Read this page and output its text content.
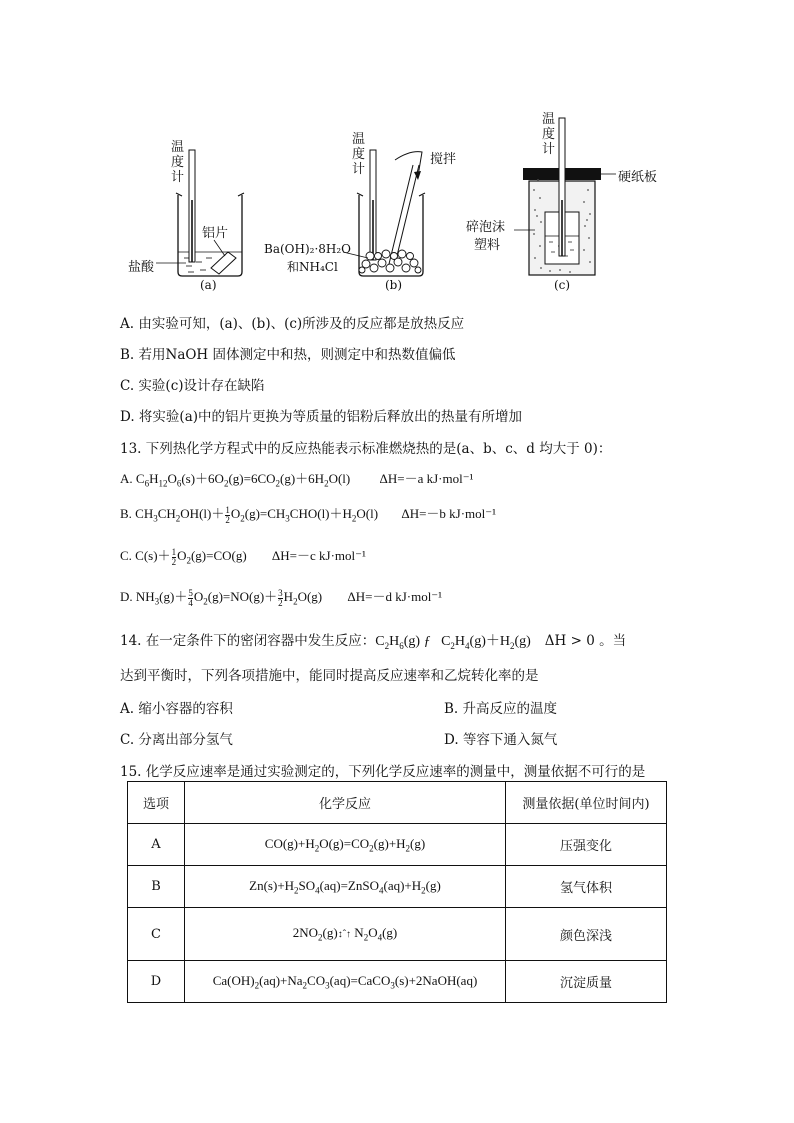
温度计
铝片
盐酸
(a)
温度计
搅拌
Ba(OH)₂·8H₂O
和NH₄Cl
(b)
温度计
硬纸板
碎泡沫
塑料
(c)
A. 由实验可知，(a)、(b)、(c)所涉及的反应都是放热反应
B. 若用NaOH 固体测定中和热，则测定中和热数值偏低
C. 实验(c)设计存在缺陷
D. 将实验(a)中的铝片更换为等质量的铝粉后释放出的热量有所增加
13. 下列热化学方程式中的反应热能表示标准燃烧热的是(a、b、c、d 均大于 0)：
A. $C_6H_{12}O_6(s)+6O_2(g)=6CO_2(g)+6H_2O(l)$ ΔH=－a kJ·mol⁻¹
B. $CH_3CH_2OH(l)+ \frac{1}{2} O_2(g)=CH_3CHO(l)+H_2O(l)$ ΔH=－b kJ·mol⁻¹
C. $C(s)+ \frac{1}{2} O_2(g)=CO(g)$ ΔH=－c kJ·mol⁻¹
D. $NH_3(g)+ \frac{5}{4} O_2(g)=NO(g)+ \frac{3}{2} H_2O(g)$ ΔH=－d kJ·mol⁻¹
14. 在一定条件下的密闭容器中发生反应：$C_2H_6(g)$ ƒ   $C_2H_4(g)+H_2(g)$    ΔH > 0 。当
达到平衡时，下列各项措施中，能同时提高反应速率和乙烷转化率的是
A. 缩小容器的容积	B. 升高反应的温度
C. 分离出部分氢气	D. 等容下通入氮气
15. 化学反应速率是通过实验测定的，下列化学反应速率的测量中，测量依据不可行的是
选项	化学反应	测量依据(单位时间内)
A	$CO(g)+H_2O(g)=CO_2(g)+H_2(g)$	压强变化
B	$Zn(s)+H_2SO_4(aq)=ZnSO_4(aq)+H_2(g)$	氢气体积
C	$2NO_2(g)↕ˆ↑$ $N_2O_4(g)$	颜色深浅
D	$Ca(OH)_2(aq)+Na_2CO_3(aq)=CaCO_3(s)+2NaOH(aq)$	沉淀质量
